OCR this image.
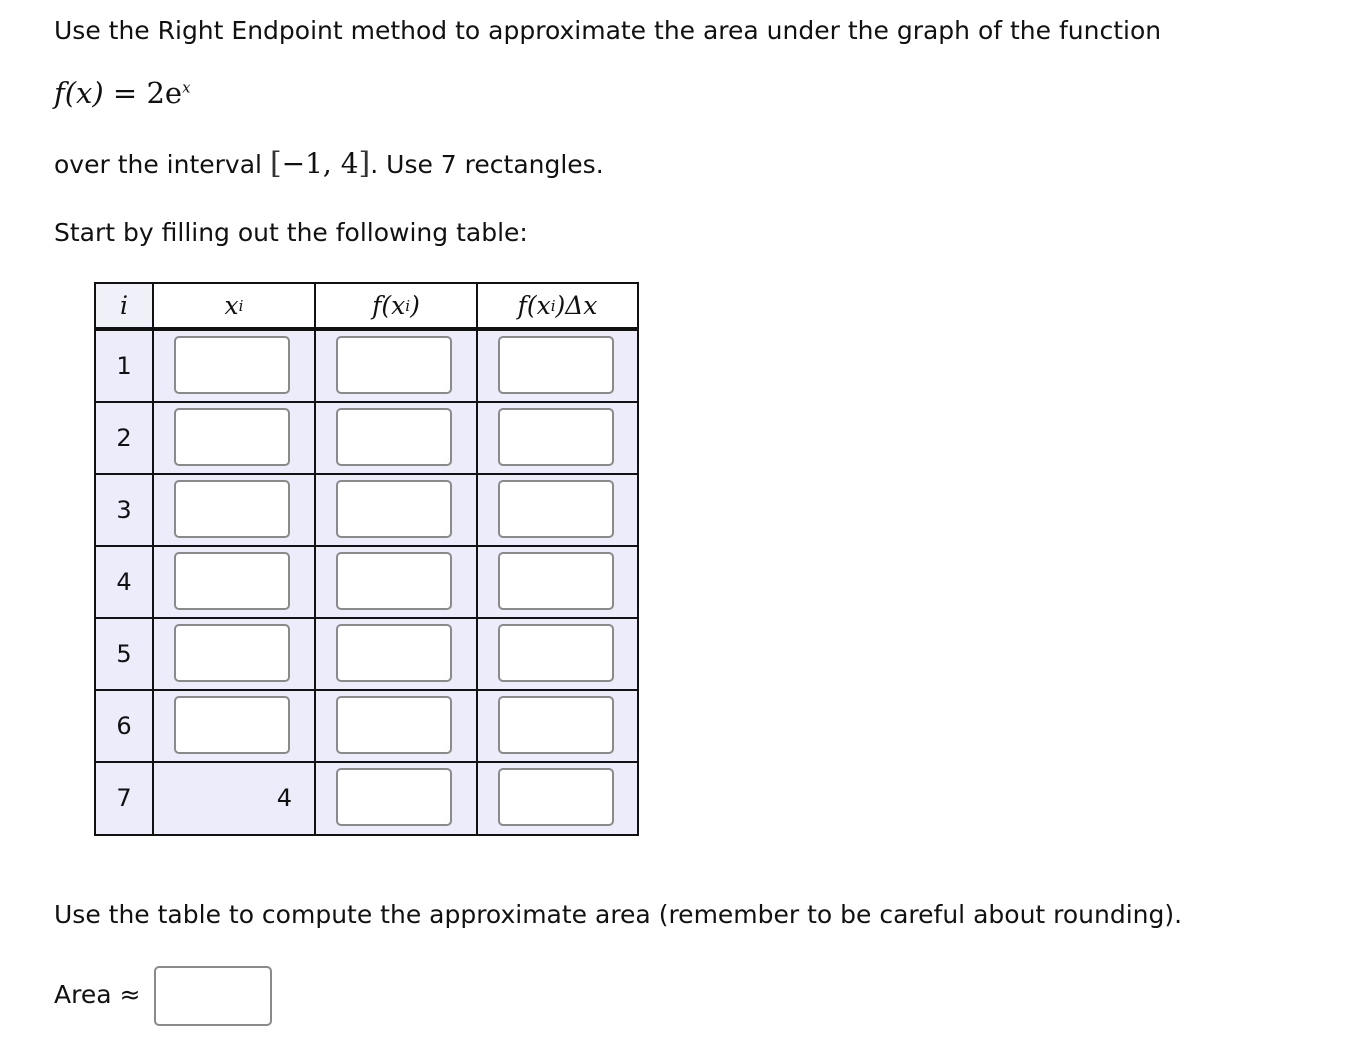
Use the Right Endpoint method to approximate the area under the graph of the function
$f(x) = 2e^x$
over the interval [−1, 4]. Use 7 rectangles.
Start by filling out the following table:
i	x i	f(x i )	f(x i )Δx
1
2
3
4
5
6
7	4
Use the table to compute the approximate area (remember to be careful about rounding).
Area ≈
